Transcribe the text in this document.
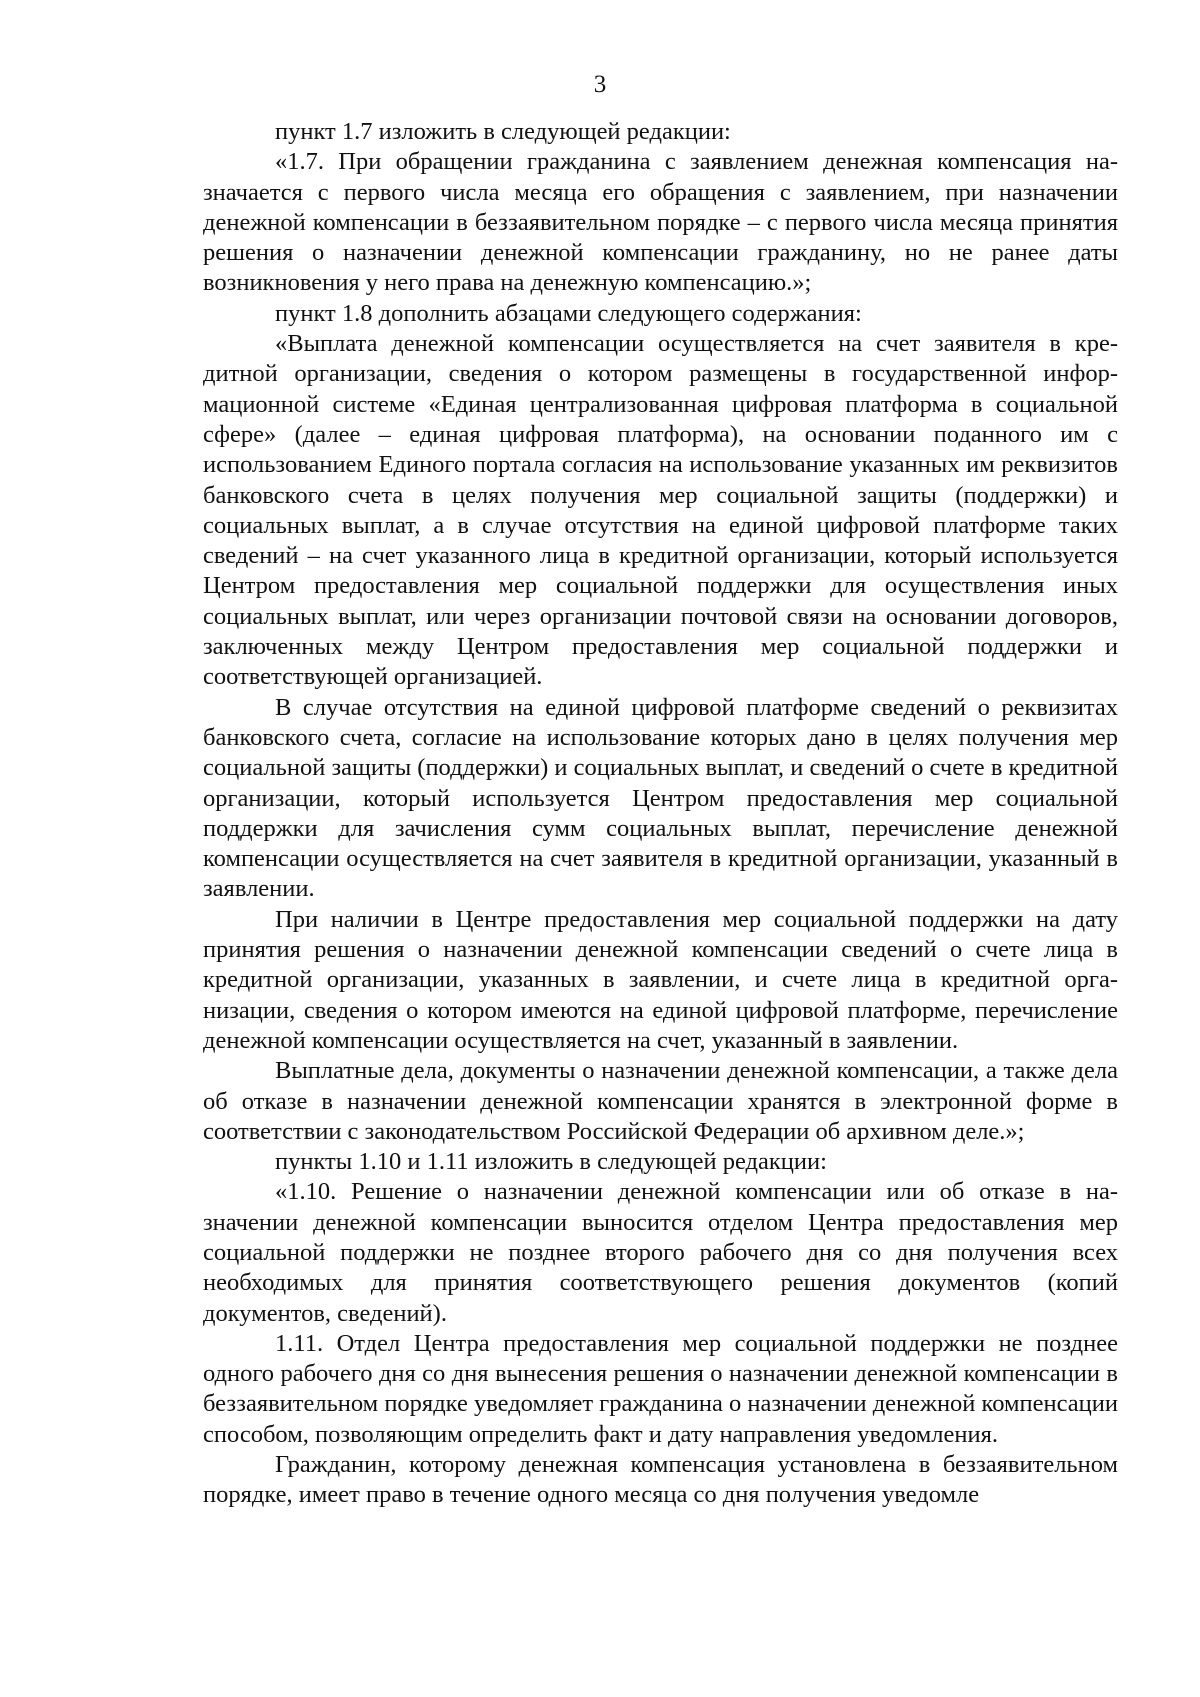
3

пункт 1.7 изложить в следующей редакции:

«1.7. При обращении гражданина с заявлением денежная компенсация назначается с первого числа месяца его обращения с заявлением, при назначении денежной компенсации в беззаявительном порядке – с первого числа месяца принятия решения о назначении денежной компенсации гражданину, но не ранее даты возникновения у него права на денежную компенсацию.»;

пункт 1.8 дополнить абзацами следующего содержания:

«Выплата денежной компенсации осуществляется на счет заявителя в кредитной организации, сведения о котором размещены в государственной информационной системе «Единая централизованная цифровая платформа в социальной сфере» (далее – единая цифровая платформа), на основании поданного им с использованием Единого портала согласия на использование указанных им реквизитов банковского счета в целях получения мер социальной защиты (поддержки) и социальных выплат, а в случае отсутствия на единой цифровой платформе таких сведений – на счет указанного лица в кредитной организации, который используется Центром предоставления мер социальной поддержки для осуществления иных социальных выплат, или через организации почтовой связи на основании договоров, заключенных между Центром предоставления мер социальной поддержки и соответствующей организацией.

В случае отсутствия на единой цифровой платформе сведений о реквизитах банковского счета, согласие на использование которых дано в целях получения мер социальной защиты (поддержки) и социальных выплат, и сведений о счете в кредитной организации, который используется Центром предоставления мер социальной поддержки для зачисления сумм социальных выплат, перечисление денежной компенсации осуществляется на счет заявителя в кредитной организации, указанный в заявлении.

При наличии в Центре предоставления мер социальной поддержки на дату принятия решения о назначении денежной компенсации сведений о счете лица в кредитной организации, указанных в заявлении, и счете лица в кредитной организации, сведения о котором имеются на единой цифровой платформе, перечисление денежной компенсации осуществляется на счет, указанный в заявлении.

Выплатные дела, документы о назначении денежной компенсации, а также дела об отказе в назначении денежной компенсации хранятся в электронной форме в соответствии с законодательством Российской Федерации об архивном деле.»;

пункты 1.10 и 1.11 изложить в следующей редакции:

«1.10. Решение о назначении денежной компенсации или об отказе в назначении денежной компенсации выносится отделом Центра предоставления мер социальной поддержки не позднее второго рабочего дня со дня получения всех необходимых для принятия соответствующего решения документов (копий документов, сведений).

1.11. Отдел Центра предоставления мер социальной поддержки не позднее одного рабочего дня со дня вынесения решения о назначении денежной компенсации в беззаявительном порядке уведомляет гражданина о назначении денежной компенсации способом, позволяющим определить факт и дату направления уведомления.

Гражданин, которому денежная компенсация установлена в беззаявительном порядке, имеет право в течение одного месяца со дня получения уведомле
